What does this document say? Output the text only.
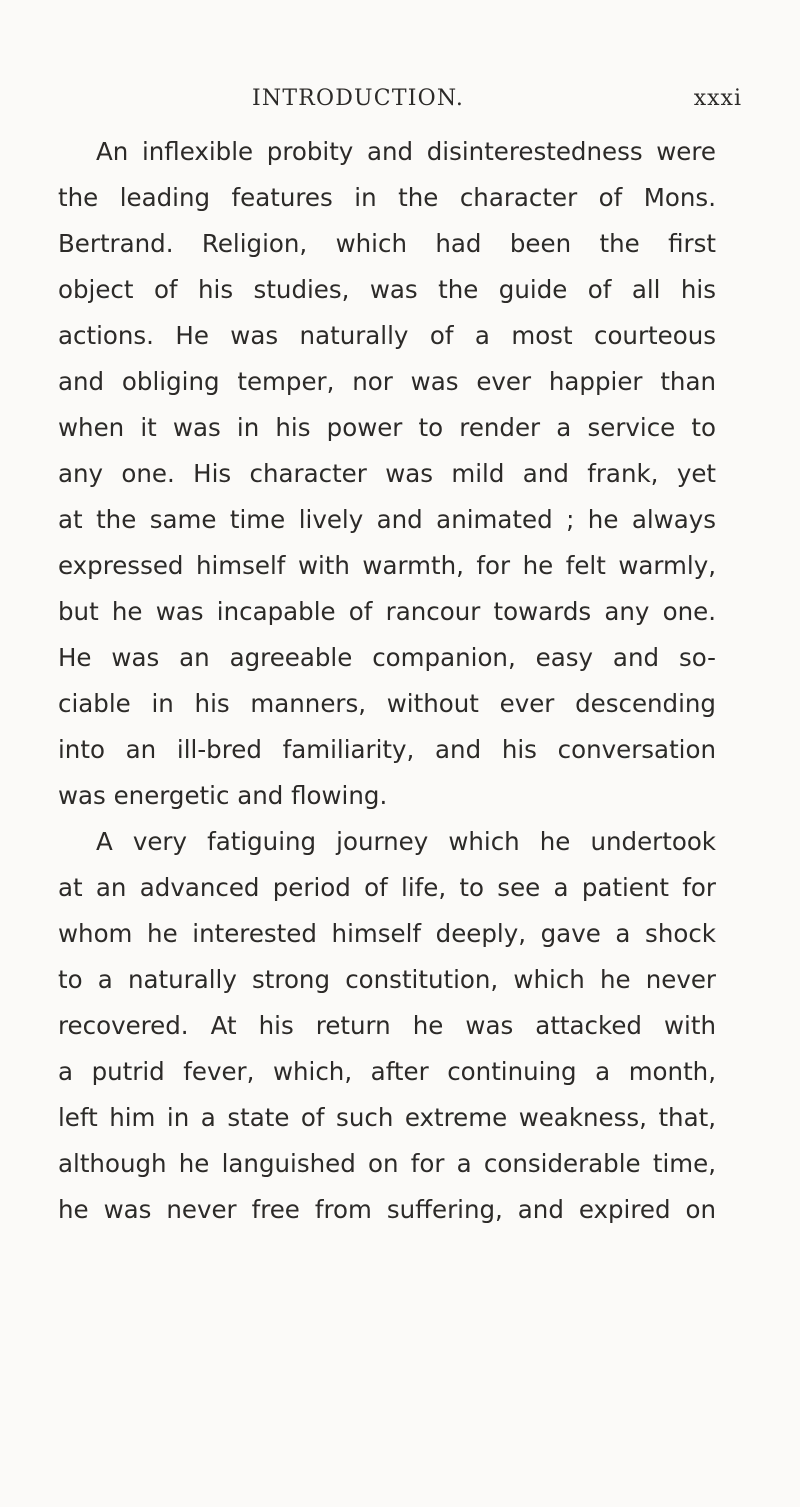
INTRODUCTION.	xxxi
An inflexible probity and disinterestedness were
the leading features in the character of Mons.
Bertrand. Religion, which had been the first
object of his studies, was the guide of all his
actions. He was naturally of a most courteous
and obliging temper, nor was ever happier than
when it was in his power to render a service to
any one. His character was mild and frank, yet
at the same time lively and animated ; he always
expressed himself with warmth, for he felt warmly,
but he was incapable of rancour towards any one.
He was an agreeable companion, easy and so-
ciable in his manners, without ever descending
into an ill-bred familiarity, and his conversation
was energetic and flowing.
A very fatiguing journey which he undertook
at an advanced period of life, to see a patient for
whom he interested himself deeply, gave a shock
to a naturally strong constitution, which he never
recovered. At his return he was attacked with
a putrid fever, which, after continuing a month,
left him in a state of such extreme weakness, that,
although he languished on for a considerable time,
he was never free from suffering, and expired on
